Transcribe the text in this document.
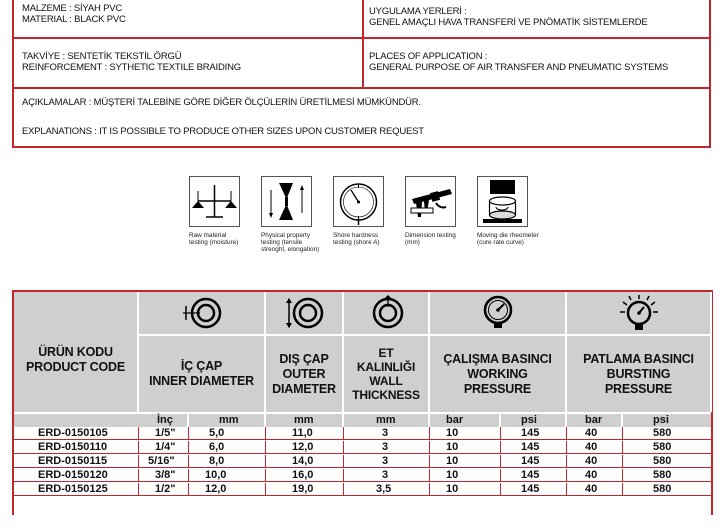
MALZEME : SİYAH PVC
MATERIAL : BLACK PVC
TAKVİYE : SENTETİK TEKSTİL ÖRGÜ
REINFORCEMENT : SYTHETIC TEXTILE BRAIDING
UYGULAMA YERLERİ :
GENEL AMAÇLI HAVA TRANSFERİ VE PNÖMATİK SİSTEMLERDE
PLACES OF APPLICATION :
GENERAL PURPOSE OF AIR TRANSFER AND PNEUMATIC SYSTEMS
AÇIKLAMALAR : MÜŞTERİ TALEBİNE GÖRE DİĞER ÖLÇÜLERİN ÜRETİLMESİ MÜMKÜNDÜR.
EXPLANATIONS : IT IS POSSIBLE TO PRODUCE OTHER SIZES UPON CUSTOMER REQUEST
Raw material
testing (moisture)
Physical property
testing (tensile
strenght, elongation)
Shore hardness
testing (shore A)
Dimension testing
(mm)
Moving die rheometer
(cure rate curve)
ÜRÜN KODU
PRODUCT CODE	İÇ ÇAP
INNER DIAMETER
DIŞ ÇAP
OUTER
DIAMETER
ET
KALINLIĞI
WALL
THICKNESS
ÇALIŞMA BASINCI
WORKING
PRESSURE
PATLAMA BASINCI
BURSTING
PRESSURE
İnç	mm	mm	mm	bar	psi	bar	psi
ERD-0150105	1/5"	5,0	11,0	3	10	145	40	580
ERD-0150110	1/4"	6,0	12,0	3	10	145	40	580
ERD-0150115	5/16"	8,0	14,0	3	10	145	40	580
ERD-0150120	3/8"	10,0	16,0	3	10	145	40	580
ERD-0150125	1/2"	12,0	19,0	3,5	10	145	40	580
